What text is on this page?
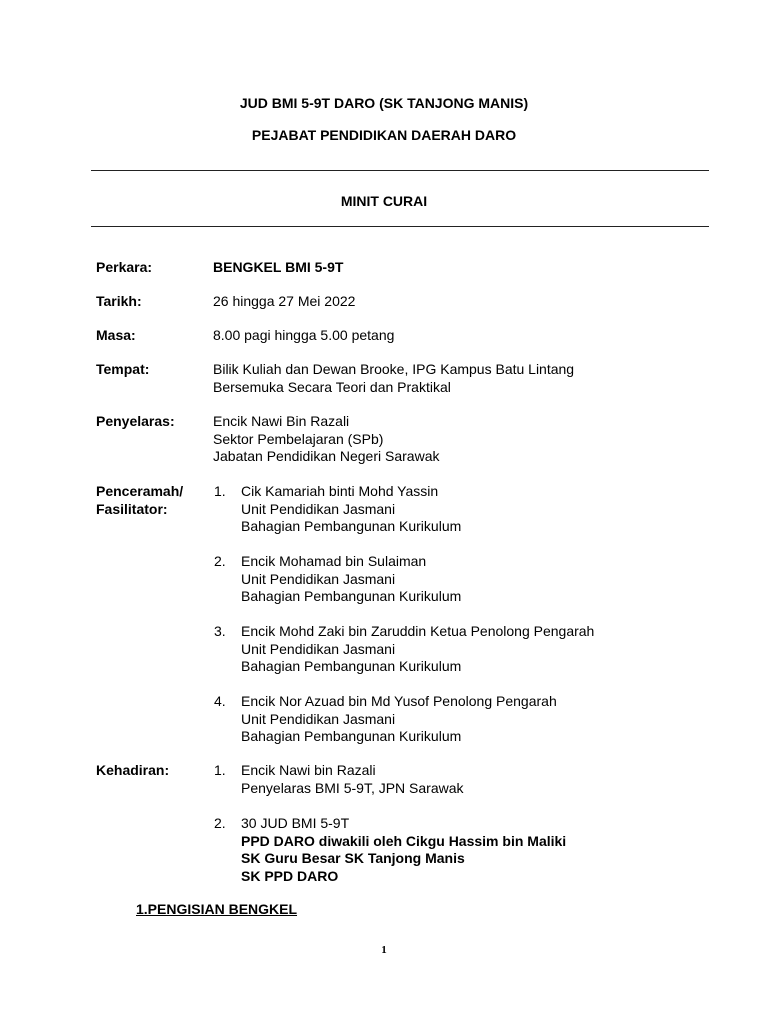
JUD BMI 5-9T DARO (SK TANJONG MANIS)
PEJABAT PENDIDIKAN DAERAH DARO
MINIT CURAI
Perkara:	BENGKEL BMI 5-9T
Tarikh:	26 hingga 27 Mei 2022
Masa:	8.00 pagi hingga 5.00 petang
Tempat:	Bilik Kuliah dan Dewan Brooke, IPG Kampus Batu Lintang
Bersemuka Secara Teori dan Praktikal
Penyelaras:	Encik Nawi Bin Razali
Sektor Pembelajaran (SPb)
Jabatan Pendidikan Negeri Sarawak
Penceramah/
Fasilitator:
1. Cik Kamariah binti Mohd Yassin
Unit Pendidikan Jasmani
Bahagian Pembangunan Kurikulum
2. Encik Mohamad bin Sulaiman
Unit Pendidikan Jasmani
Bahagian Pembangunan Kurikulum
3. Encik Mohd Zaki bin Zaruddin Ketua Penolong Pengarah
Unit Pendidikan Jasmani
Bahagian Pembangunan Kurikulum
4. Encik Nor Azuad bin Md Yusof Penolong Pengarah
Unit Pendidikan Jasmani
Bahagian Pembangunan Kurikulum
Kehadiran:	1. Encik Nawi bin Razali
Penyelaras BMI 5-9T, JPN Sarawak
2. 30 JUD BMI 5-9T
PPD DARO diwakili oleh Cikgu Hassim bin Maliki
SK Guru Besar SK Tanjong Manis
SK PPD DARO
1.PENGISIAN BENGKEL
1
